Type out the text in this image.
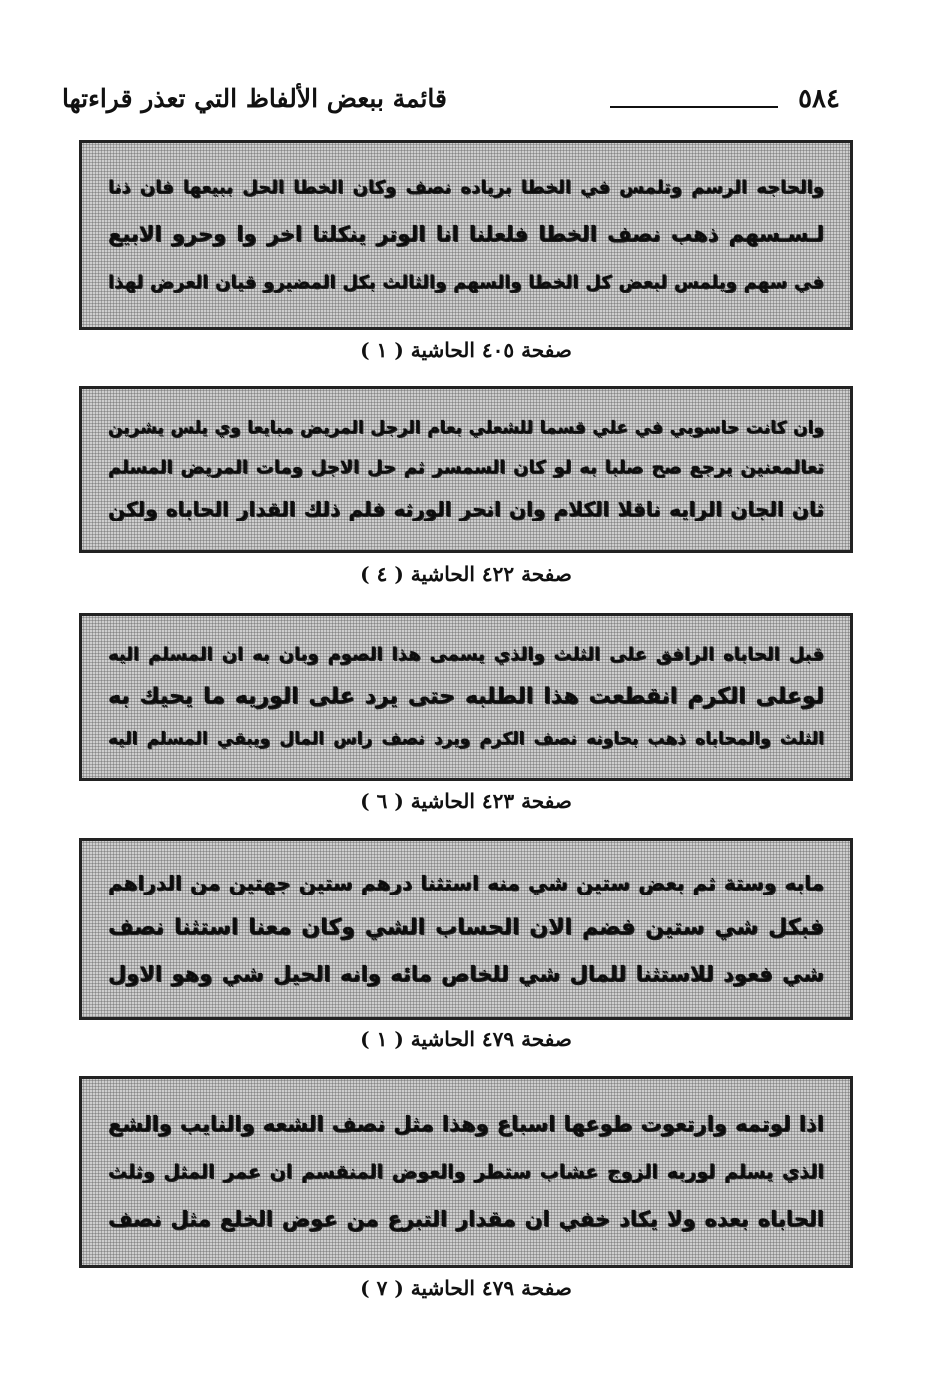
٥٨٤
قائمة ببعض الألفاظ التي تعذر قراءتها
والحاجه الرسم وتلمس في الخطا برياده نصف وكان الخطا الحل ببيعها فان ذنا
لـسـسهم ذهب نصف الخطا فلعلنا انا الوتر ينكلتا اخر وا وحرو الابيع
في سهم ويلمس لبعض كل الخطا والسهم والثالث بكل المضيرو قيان العرض لهذا
صفحة ٤٠٥ الحاشية ( ١ )
وان كانت حاسوبي في علي قسما للشعلي بعام الرجل المريض مبايعا وي يلس يشرين
تعالمعنين يرجع صح صلبا به لو كان السمسر ثم حل الاجل ومات المريض المسلم
ثان الجان الرايه ناقلا الكلام وان انحر الورثه فلم ذلك القدار الحاباه ولكن
صفحة ٤٢٢ الحاشية ( ٤ )
قبل الحاباه الرافق على الثلث والذي يسمى هذا الصوم وبان به ان المسلم اليه
لوعلى الكرم انقطعت هذا الطلبه حتى يرد على الوريه ما يحيك به
الثلث والمحاباه ذهب بحاونه نصف الكرم ويرد نصف راس المال ويبقي المسلم اليه
صفحة ٤٢٣ الحاشية ( ٦ )
مابه وستة ثم بعض ستين شي منه استثنا درهم ستين جهتين من الدراهم
فبكل شي ستين فضم الان الحساب الشي وكان معنا استثنا نصف
شي فعود للاستثنا للمال شي للخاص مائه وانه الحيل شي وهو الاول
صفحة ٤٧٩ الحاشية ( ١ )
اذا لوتمه وارتعوت طوعها اسباع وهذا مثل نصف الشعه والنايب والشع
الذي يسلم لوربه الزوج عشاب ستطر والعوض المنقسم ان عمر المثل وثلث
الحاباه بعده ولا يكاد خفي ان مقدار التبرع من عوض الخلع مثل نصف
صفحة ٤٧٩ الحاشية ( ٧ )
